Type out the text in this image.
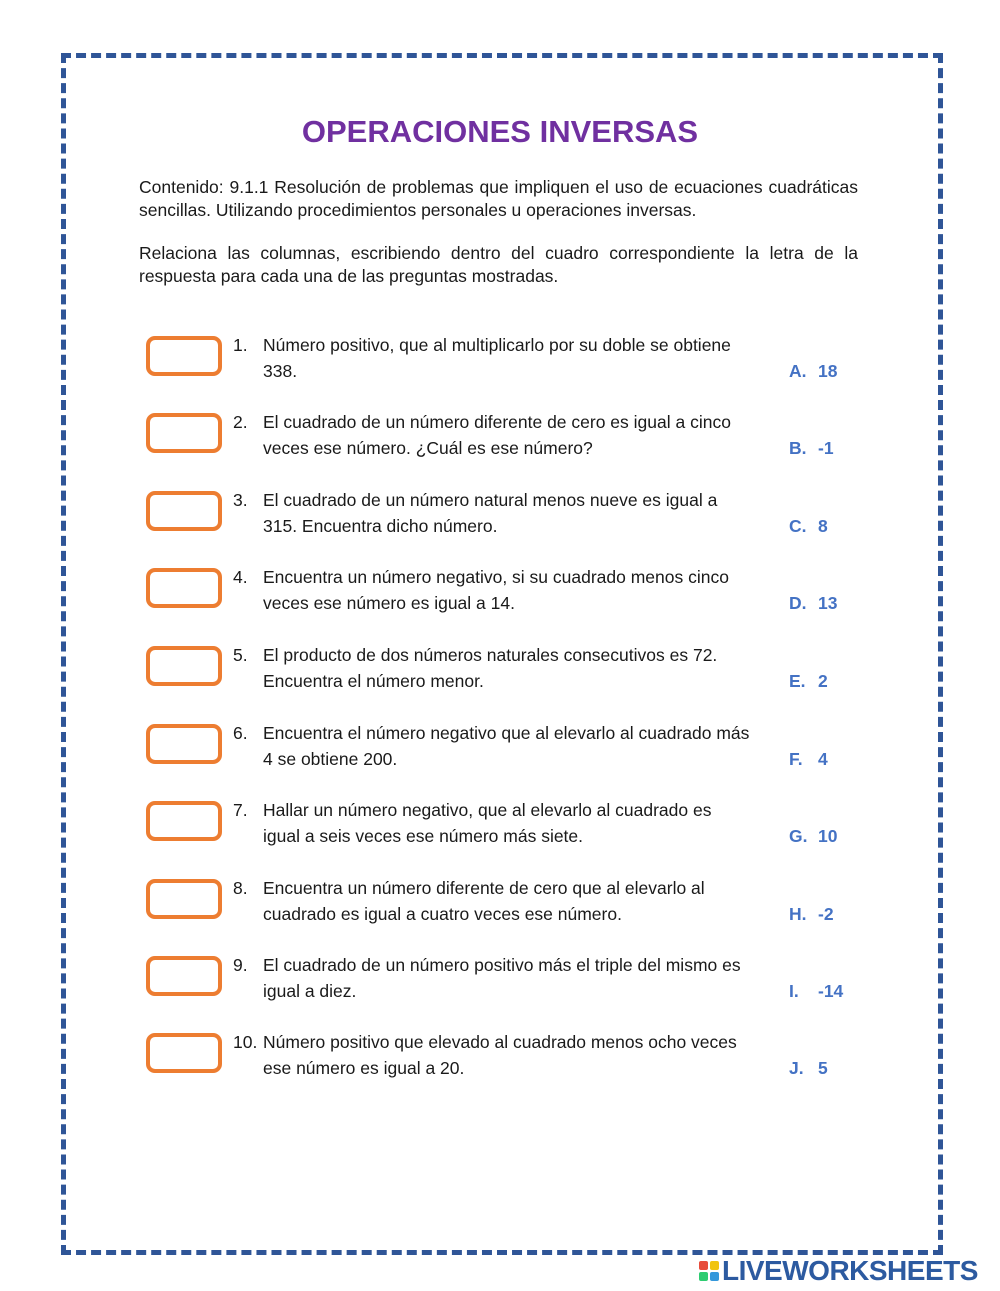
OPERACIONES INVERSAS
Contenido: 9.1.1 Resolución de problemas que impliquen el uso de ecuaciones cuadráticas sencillas. Utilizando procedimientos personales u operaciones inversas.
Relaciona las columnas, escribiendo dentro del cuadro correspondiente la letra de la respuesta para cada una de las preguntas mostradas.
1. Número positivo, que al multiplicarlo por su doble se obtiene 338.	A. 18
2. El cuadrado de un número diferente de cero es igual a cinco veces ese número. ¿Cuál es ese número?	B. -1
3. El cuadrado de un número natural menos nueve es igual a 315. Encuentra dicho número.	C. 8
4. Encuentra un número negativo, si su cuadrado menos cinco veces ese número es igual a 14.	D. 13
5. El producto de dos números naturales consecutivos es 72. Encuentra el número menor.	E. 2
6. Encuentra el número negativo que al elevarlo al cuadrado más 4 se obtiene 200.	F. 4
7. Hallar un número negativo, que al elevarlo al cuadrado es igual a seis veces ese número más siete.	G. 10
8. Encuentra un número diferente de cero que al elevarlo al cuadrado es igual a cuatro veces ese número.	H. -2
9. El cuadrado de un número positivo más el triple del mismo es igual a diez.	I. -14
10. Número positivo que elevado al cuadrado menos ocho veces ese número es igual a 20.	J. 5
LIVEWORKSHEETS
